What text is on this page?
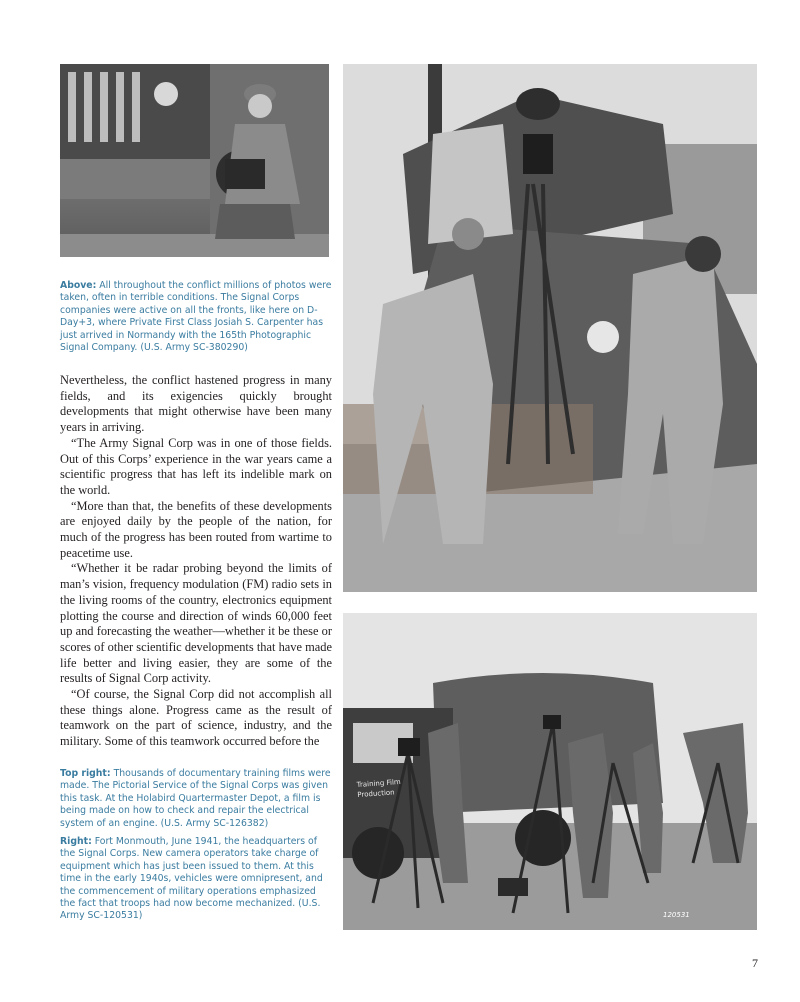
Training Film Production
120531

Above: All throughout the conflict millions of photos were taken, often in terrible conditions. The Signal Corps companies were active on all the fronts, like here on D-Day+3, where Private First Class Josiah S. Carpenter has just arrived in Normandy with the 165th Photographic Signal Company. (U.S. Army SC-380290)

Nevertheless, the conflict hastened progress in many fields, and its exigencies quickly brought developments that might otherwise have been many years in arriving.

“The Army Signal Corp was in one of those fields. Out of this Corps’ experience in the war years came a scientific progress that has left its indelible mark on the world.

“More than that, the benefits of these developments are enjoyed daily by the people of the nation, for much of the progress has been routed from wartime to peacetime use.

“Whether it be radar probing beyond the limits of man’s vision, frequency modulation (FM) radio sets in the living rooms of the country, electronics equipment plotting the course and direction of winds 60,000 feet up and forecasting the weather—whether it be these or scores of other scientific developments that have made life better and living easier, they are some of the results of Signal Corp activity.

“Of course, the Signal Corp did not accomplish all these things alone. Progress came as the result of teamwork on the part of science, industry, and the military. Some of this teamwork occurred before the

Top right: Thousands of documentary training films were made. The Pictorial Service of the Signal Corps was given this task. At the Holabird Quartermaster Depot, a film is being made on how to check and repair the electrical system of an engine. (U.S. Army SC-126382)

Right: Fort Monmouth, June 1941, the headquarters of the Signal Corps. New camera operators take charge of equipment which has just been issued to them. At this time in the early 1940s, vehicles were omnipresent, and the commencement of military operations emphasized the fact that troops had now become mechanized. (U.S. Army SC-120531)

7
